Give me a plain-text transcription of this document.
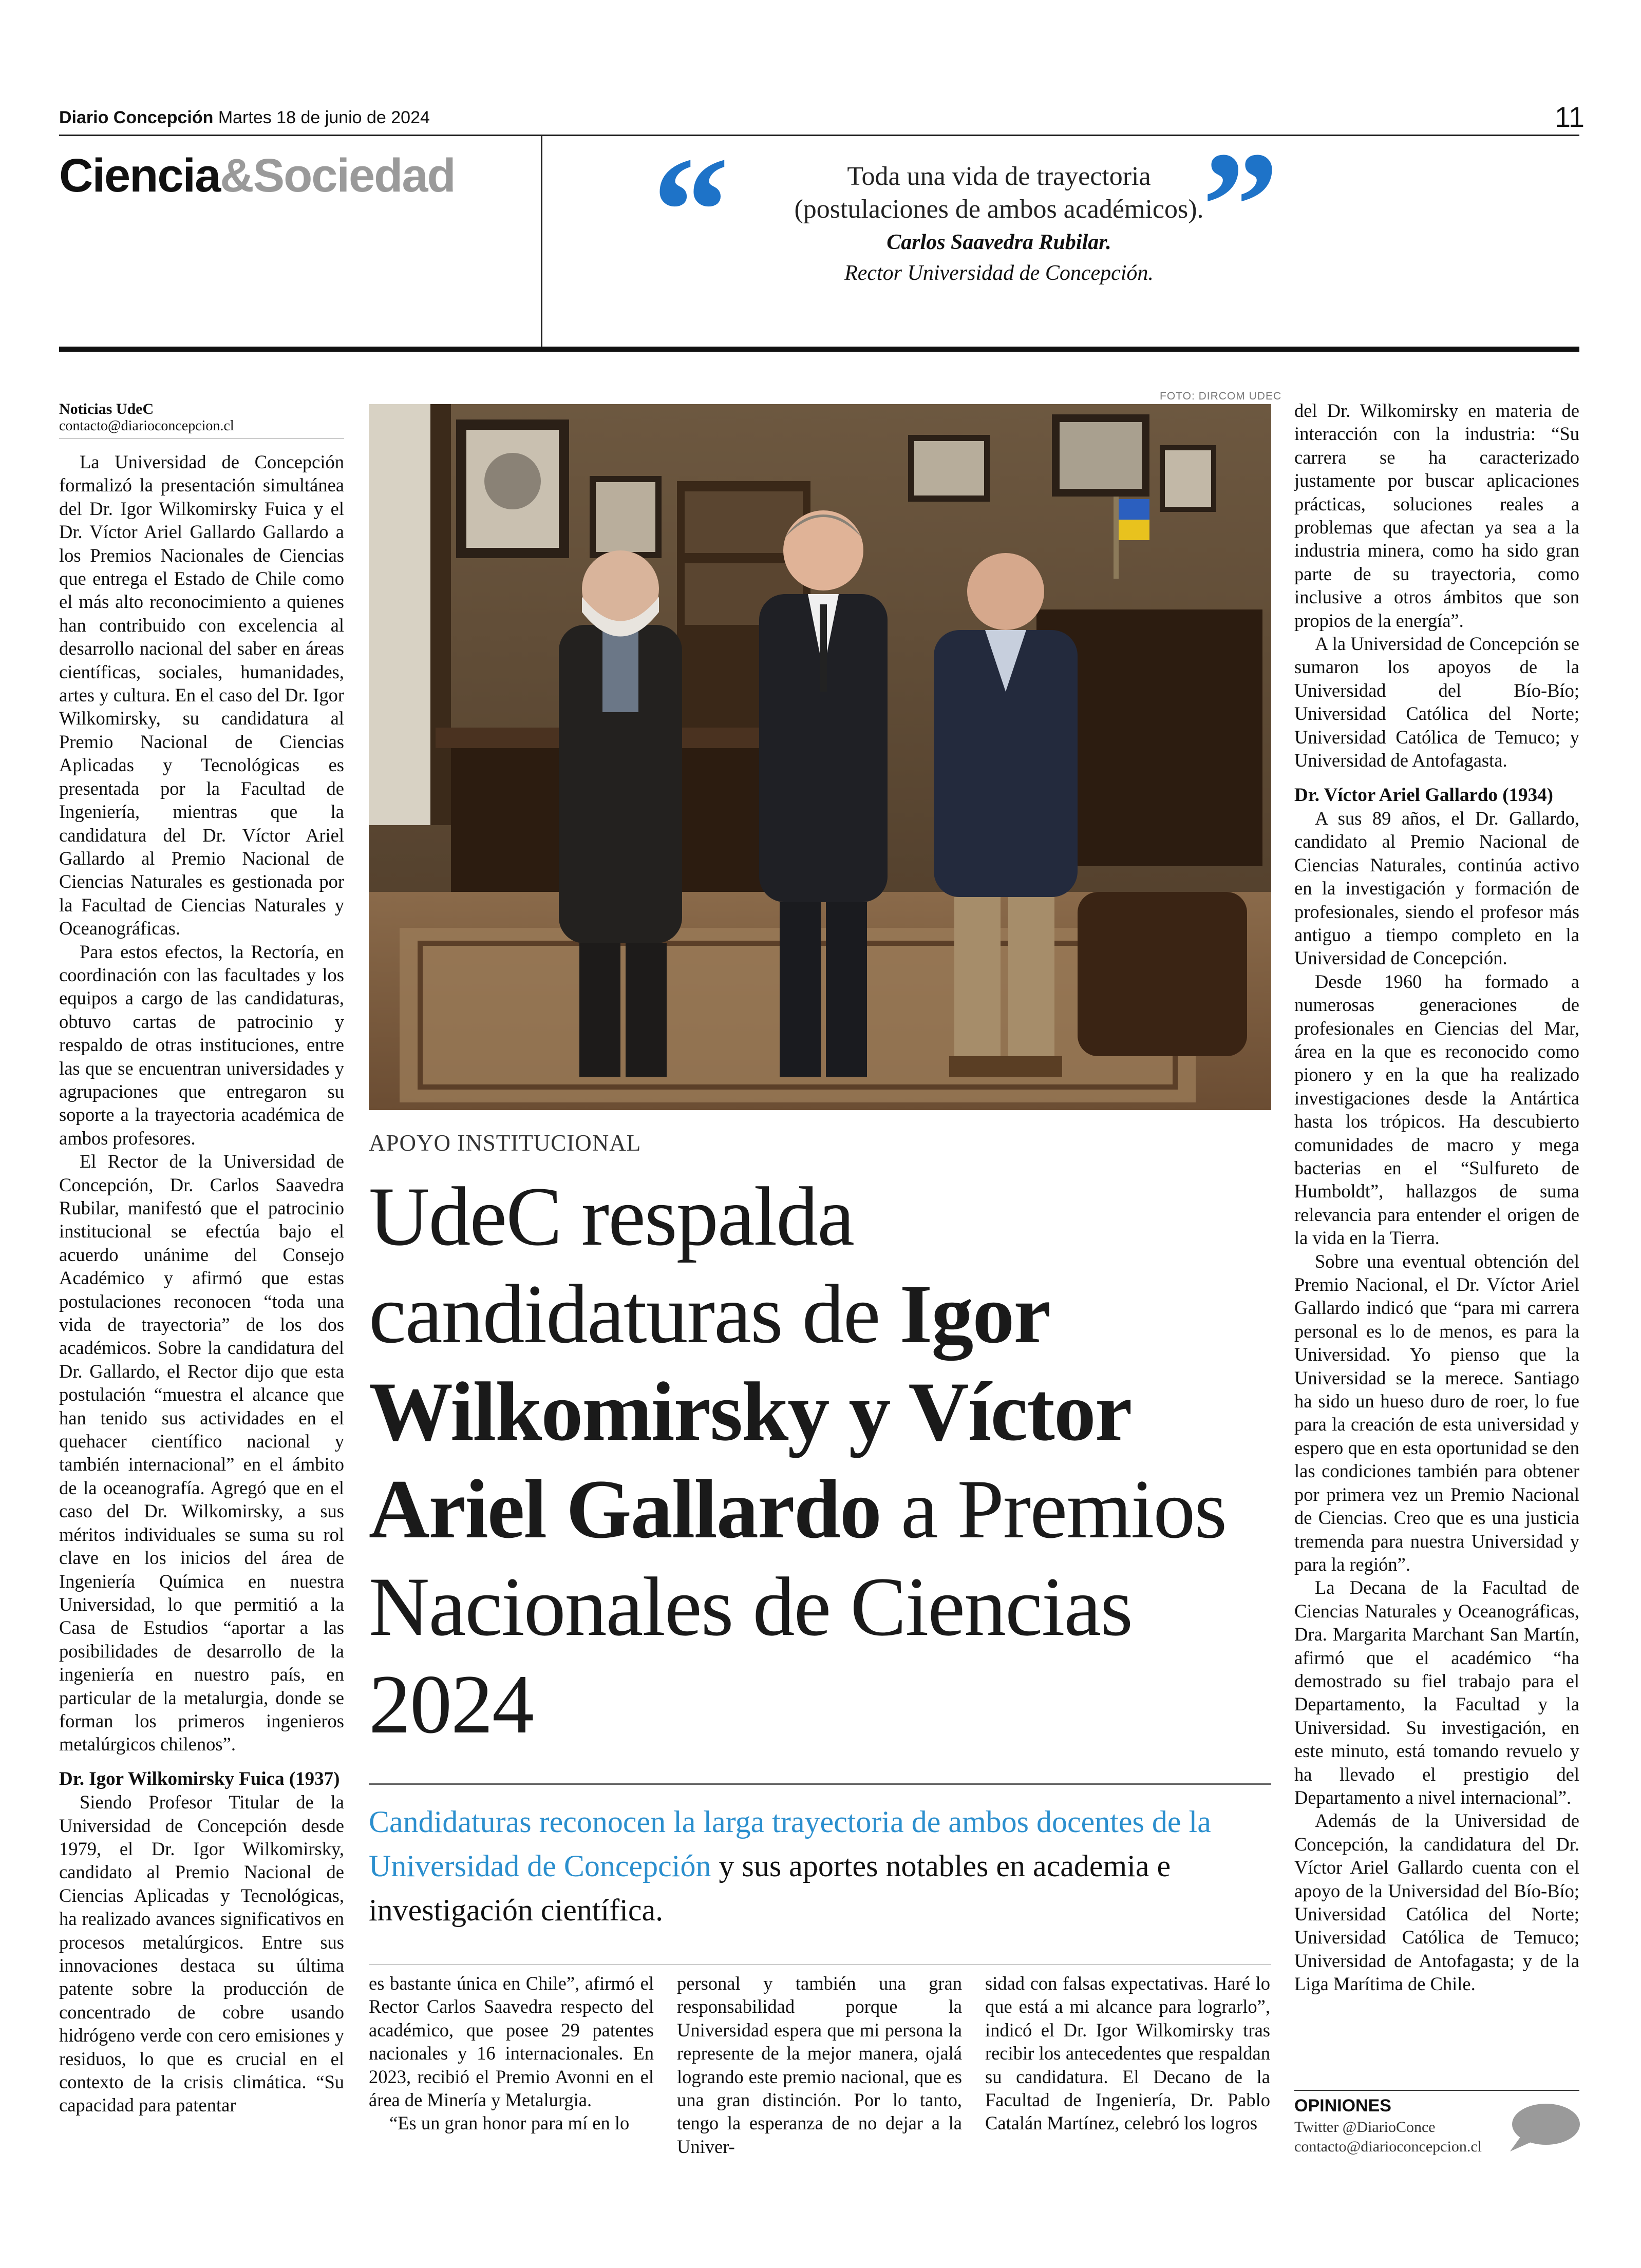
Diario Concepción Martes 18 de junio de 2024	11
Ciencia&Sociedad “	”
Toda una vida de trayectoria
(postulaciones de ambos académicos).
Carlos Saavedra Rubilar.
Rector Universidad de Concepción.
Noticias UdeC
contacto@diarioconcepcion.cl

La Universidad de Concepción formalizó la presentación simultánea del Dr. Igor Wilkomirsky Fuica y el Dr. Víctor Ariel Gallardo Gallardo a los Premios Nacionales de Ciencias que entrega el Estado de Chile como el más alto reconocimiento a quienes han contribuido con excelencia al desarrollo nacional del saber en áreas científicas, sociales, humanidades, artes y cultura. En el caso del Dr. Igor Wilkomirsky, su candidatura al Premio Nacional de Ciencias Aplicadas y Tecnológicas es presentada por la Facultad de Ingeniería, mientras que la candidatura del Dr. Víctor Ariel Gallardo al Premio Nacional de Ciencias Naturales es gestionada por la Facultad de Ciencias Naturales y Oceanográficas.

Para estos efectos, la Rectoría, en coordinación con las facultades y los equipos a cargo de las candidaturas, obtuvo cartas de patrocinio y respaldo de otras instituciones, entre las que se encuentran universidades y agrupaciones que entregaron su soporte a la trayectoria académica de ambos profesores.

El Rector de la Universidad de Concepción, Dr. Carlos Saavedra Rubilar, manifestó que el patrocinio institucional se efectúa bajo el acuerdo unánime del Consejo Académico y afirmó que estas postulaciones reconocen “toda una vida de trayectoria” de los dos académicos. Sobre la candidatura del Dr. Gallardo, el Rector dijo que esta postulación “muestra el alcance que han tenido sus actividades en el quehacer científico nacional y también internacional” en el ámbito de la oceanografía. Agregó que en el caso del Dr. Wilkomirsky, a sus méritos individuales se suma su rol clave en los inicios del área de Ingeniería Química en nuestra Universidad, lo que permitió a la Casa de Estudios “aportar a las posibilidades de desarrollo de la ingeniería en nuestro país, en particular de la metalurgia, donde se forman los primeros ingenieros metalúrgicos chilenos”.

Dr. Igor Wilkomirsky Fuica (1937)

Siendo Profesor Titular de la Universidad de Concepción desde 1979, el Dr. Igor Wilkomirsky, candidato al Premio Nacional de Ciencias Aplicadas y Tecnológicas, ha realizado avances significativos en procesos metalúrgicos. Entre sus innovaciones destaca su última patente sobre la producción de concentrado de cobre usando hidrógeno verde con cero emisiones y residuos, lo que es crucial en el contexto de la crisis climática. “Su capacidad para patentar

FOTO: DIRCOM UDEC
APOYO INSTITUCIONAL
UdeC respalda candidaturas de Igor Wilkomirsky y Víctor Ariel Gallardo a Premios Nacionales de Ciencias 2024
Candidaturas reconocen la larga trayectoria de ambos docentes de la Universidad de Concepción y sus aportes notables en academia e investigación científica.

es bastante única en Chile”, afirmó el Rector Carlos Saavedra respecto del académico, que posee 29 patentes nacionales y 16 internacionales. En 2023, recibió el Premio Avonni en el área de Minería y Metalurgia.

“Es un gran honor para mí en lo

personal y también una gran responsabilidad porque la Universidad espera que mi persona la represente de la mejor manera, ojalá logrando este premio nacional, que es una gran distinción. Por lo tanto, tengo la esperanza de no dejar a la Univer-

sidad con falsas expectativas. Haré lo que está a mi alcance para lograrlo”, indicó el Dr. Igor Wilkomirsky tras recibir los antecedentes que respaldan su candidatura. El Decano de la Facultad de Ingeniería, Dr. Pablo Catalán Martínez, celebró los logros

del Dr. Wilkomirsky en materia de interacción con la industria: “Su carrera se ha caracterizado justamente por buscar aplicaciones prácticas, soluciones reales a problemas que afectan ya sea a la industria minera, como ha sido gran parte de su trayectoria, como inclusive a otros ámbitos que son propios de la energía”.

A la Universidad de Concepción se sumaron los apoyos de la Universidad del Bío-Bío; Universidad Católica del Norte; Universidad Católica de Temuco; y Universidad de Antofagasta.

Dr. Víctor Ariel Gallardo (1934)

A sus 89 años, el Dr. Gallardo, candidato al Premio Nacional de Ciencias Naturales, continúa activo en la investigación y formación de profesionales, siendo el profesor más antiguo a tiempo completo en la Universidad de Concepción.

Desde 1960 ha formado a numerosas generaciones de profesionales en Ciencias del Mar, área en la que es reconocido como pionero y en la que ha realizado investigaciones desde la Antártica hasta los trópicos. Ha descubierto comunidades de macro y mega bacterias en el “Sulfureto de Humboldt”, hallazgos de suma relevancia para entender el origen de la vida en la Tierra.

Sobre una eventual obtención del Premio Nacional, el Dr. Víctor Ariel Gallardo indicó que “para mi carrera personal es lo de menos, es para la Universidad. Yo pienso que la Universidad se la merece. Santiago ha sido un hueso duro de roer, lo fue para la creación de esta universidad y espero que en esta oportunidad se den las condiciones también para obtener por primera vez un Premio Nacional de Ciencias. Creo que es una justicia tremenda para nuestra Universidad y para la región”.

La Decana de la Facultad de Ciencias Naturales y Oceanográficas, Dra. Margarita Marchant San Martín, afirmó que el académico “ha demostrado su fiel trabajo para el Departamento, la Facultad y la Universidad. Su investigación, en este minuto, está tomando revuelo y ha llevado el prestigio del Departamento a nivel internacional”.

Además de la Universidad de Concepción, la candidatura del Dr. Víctor Ariel Gallardo cuenta con el apoyo de la Universidad del Bío-Bío; Universidad Católica del Norte; Universidad Católica de Temuco; Universidad de Antofagasta; y de la Liga Marítima de Chile.

OPINIONES
Twitter @DiarioConce
contacto@diarioconcepcion.cl
